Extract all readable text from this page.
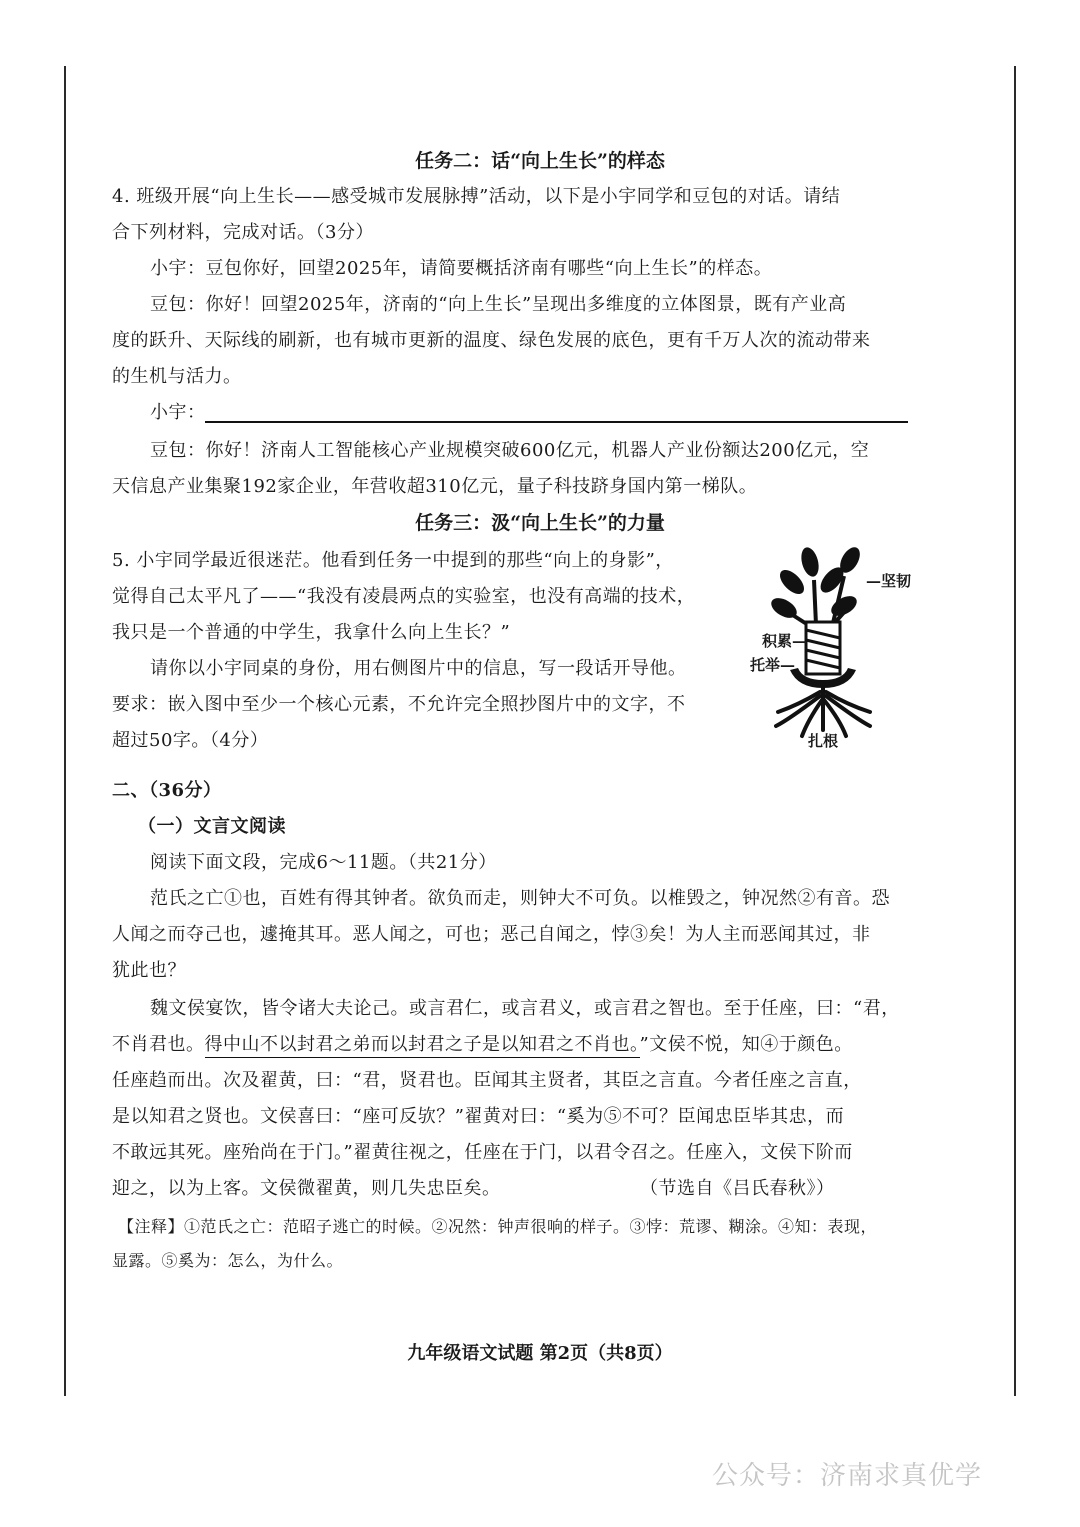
任务二：话“向上生长”的样态
4. 班级开展“向上生长——感受城市发展脉搏”活动，以下是小宇同学和豆包的对话。请结
合下列材料，完成对话。（3分）
小宇：豆包你好，回望2025年，请简要概括济南有哪些“向上生长”的样态。
豆包：你好！回望2025年，济南的“向上生长”呈现出多维度的立体图景，既有产业高
度的跃升、天际线的刷新，也有城市更新的温度、绿色发展的底色，更有千万人次的流动带来
的生机与活力。
小宇：
豆包：你好！济南人工智能核心产业规模突破600亿元，机器人产业份额达200亿元，空
天信息产业集聚192家企业，年营收超310亿元，量子科技跻身国内第一梯队。
任务三：汲“向上生长”的力量
5. 小宇同学最近很迷茫。他看到任务一中提到的那些“向上的身影”，
觉得自己太平凡了——“我没有凌晨两点的实验室，也没有高端的技术，
我只是一个普通的中学生，我拿什么向上生长？”
请你以小宇同桌的身份，用右侧图片中的信息，写一段话开导他。
要求：嵌入图中至少一个核心元素，不允许完全照抄图片中的文字，不
超过50字。（4分）
—坚韧
积累—
托举—
扎根
二、（36分）
（一）文言文阅读
阅读下面文段，完成6～11题。（共21分）
范氏之亡①也，百姓有得其钟者。欲负而走，则钟大不可负。以椎毁之，钟况然②有音。恐
人闻之而夺己也，遽掩其耳。恶人闻之，可也；恶己自闻之，悖③矣！为人主而恶闻其过，非
犹此也？
魏文侯宴饮，皆令诸大夫论己。或言君仁，或言君义，或言君之智也。至于任座，曰：“君，
不肖君也。得中山不以封君之弟而以封君之子是以知君之不肖也。”文侯不悦，知④于颜色。
任座趋而出。次及翟黄，曰：“君，贤君也。臣闻其主贤者，其臣之言直。今者任座之言直，
是以知君之贤也。文侯喜曰：“座可反欤？”翟黄对曰：“奚为⑤不可？臣闻忠臣毕其忠，而
不敢远其死。座殆尚在于门。”翟黄往视之，任座在于门，以君令召之。任座入，文侯下阶而
迎之，以为上客。文侯微翟黄，则几失忠臣矣。	（节选自《吕氏春秋》）
【注释】①范氏之亡：范昭子逃亡的时候。②况然：钟声很响的样子。③悖：荒谬、糊涂。④知：表现，
显露。⑤奚为：怎么，为什么。
九年级语文试题 第2页（共8页）
公众号：济南求真优学
